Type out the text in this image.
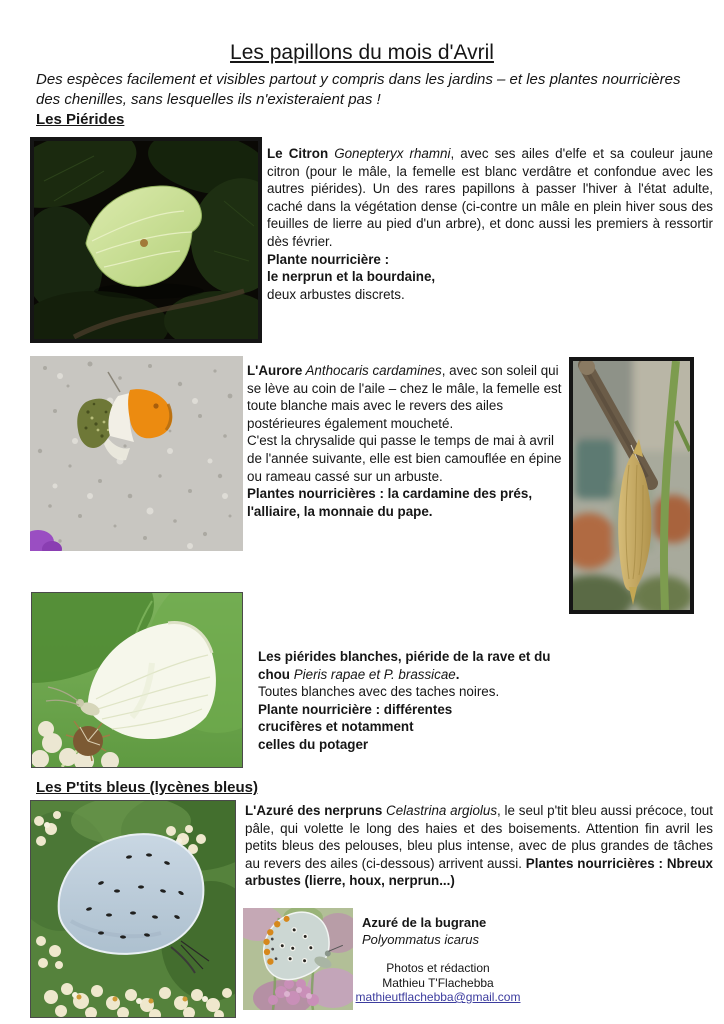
Les papillons du mois d'Avril
Des espèces facilement et visibles partout y compris dans les jardins – et les plantes nourricières des chenilles, sans lesquelles ils n'existeraient pas !
Les Piérides
Le Citron Gonepteryx rhamni, avec ses ailes d'elfe et sa couleur jaune citron (pour le mâle, la femelle est blanc verdâtre et confondue avec les autres piérides). Un des rares papillons à passer l'hiver à l'état adulte, caché dans la végétation dense (ci-contre un mâle en plein hiver sous des feuilles de lierre au pied d'un arbre), et donc aussi les premiers à ressortir dès février.
Plante nourricière :
le nerprun et la bourdaine,
deux arbustes discrets.
L'Aurore Anthocaris cardamines, avec son soleil qui se lève au coin de l'aile – chez le mâle, la femelle est toute blanche mais avec le revers des ailes postérieures également moucheté.
C'est la chrysalide qui passe le temps de mai à avril de l'année suivante, elle est bien camouflée en épine ou rameau cassé sur un arbuste.
Plantes nourricières : la cardamine des prés, l'alliaire, la monnaie du pape.
Les piérides blanches, piéride de la rave et du chou Pieris rapae et P. brassicae.
Toutes blanches avec des taches noires.
Plante nourricière : différentes
crucifères et notamment
celles du potager
Les P'tits bleus (lycènes bleus)
L'Azuré des nerpruns Celastrina argiolus, le seul p'tit bleu aussi précoce, tout pâle, qui volette le long des haies et des boisements. Attention fin avril les petits bleus des pelouses, bleu plus intense, avec de plus grandes de tâches au revers des ailes (ci-dessous) arrivent aussi. Plantes nourricières : Nbreux arbustes (lierre, houx, nerprun...)
Azuré de la bugrane
Polyommatus icarus
Photos et rédaction
Mathieu T'Flachebba
mathieutflachebba@gmail.com
